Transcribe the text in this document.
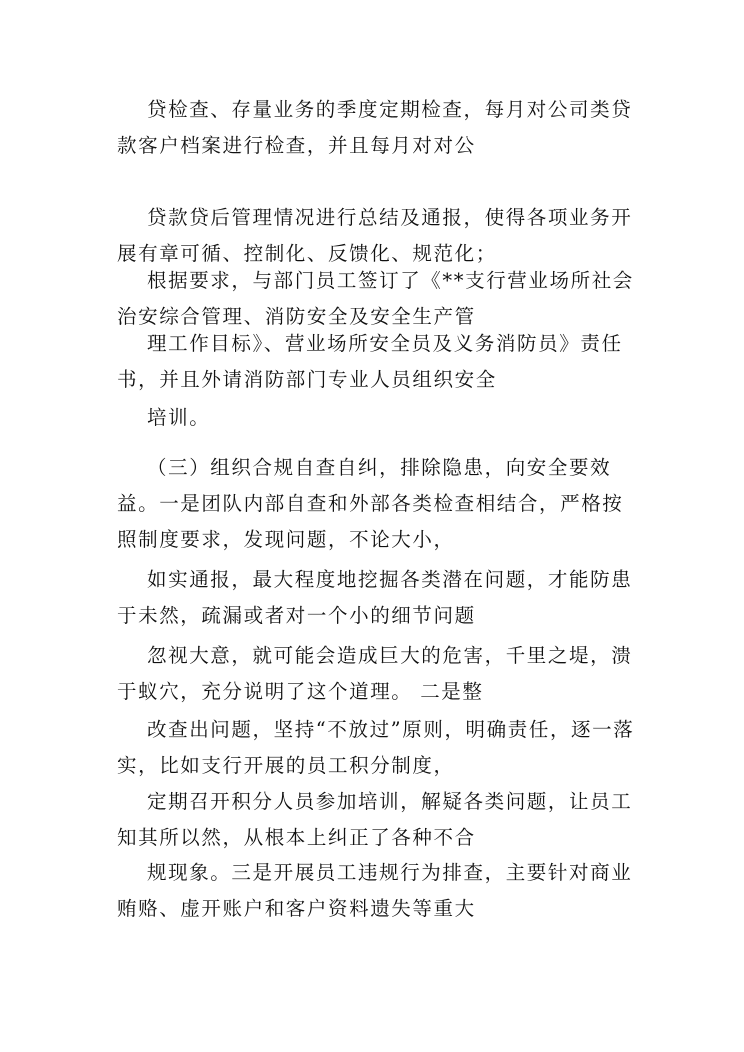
贷检查、存量业务的季度定期检查，每月对公司类贷款客户档案进行检查，并且每月对对公

贷款贷后管理情况进行总结及通报，使得各项业务开展有章可循、控制化、反馈化、规范化；

根据要求，与部门员工签订了《**支行营业场所社会治安综合管理、消防安全及安全生产管

理工作目标》、营业场所安全员及义务消防员》责任书，并且外请消防部门专业人员组织安全

培训。

（三）组织合规自查自纠，排除隐患，向安全要效益。一是团队内部自查和外部各类检查相结合，严格按照制度要求，发现问题，不论大小，

如实通报，最大程度地挖掘各类潜在问题，才能防患于未然，疏漏或者对一个小的细节问题

忽视大意，就可能会造成巨大的危害，千里之堤，溃于蚁穴，充分说明了这个道理。 二是整

改查出问题，坚持“不放过”原则，明确责任，逐一落实，比如支行开展的员工积分制度，

定期召开积分人员参加培训，解疑各类问题，让员工知其所以然，从根本上纠正了各种不合

规现象。三是开展员工违规行为排查，主要针对商业贿赂、虚开账户和客户资料遗失等重大
